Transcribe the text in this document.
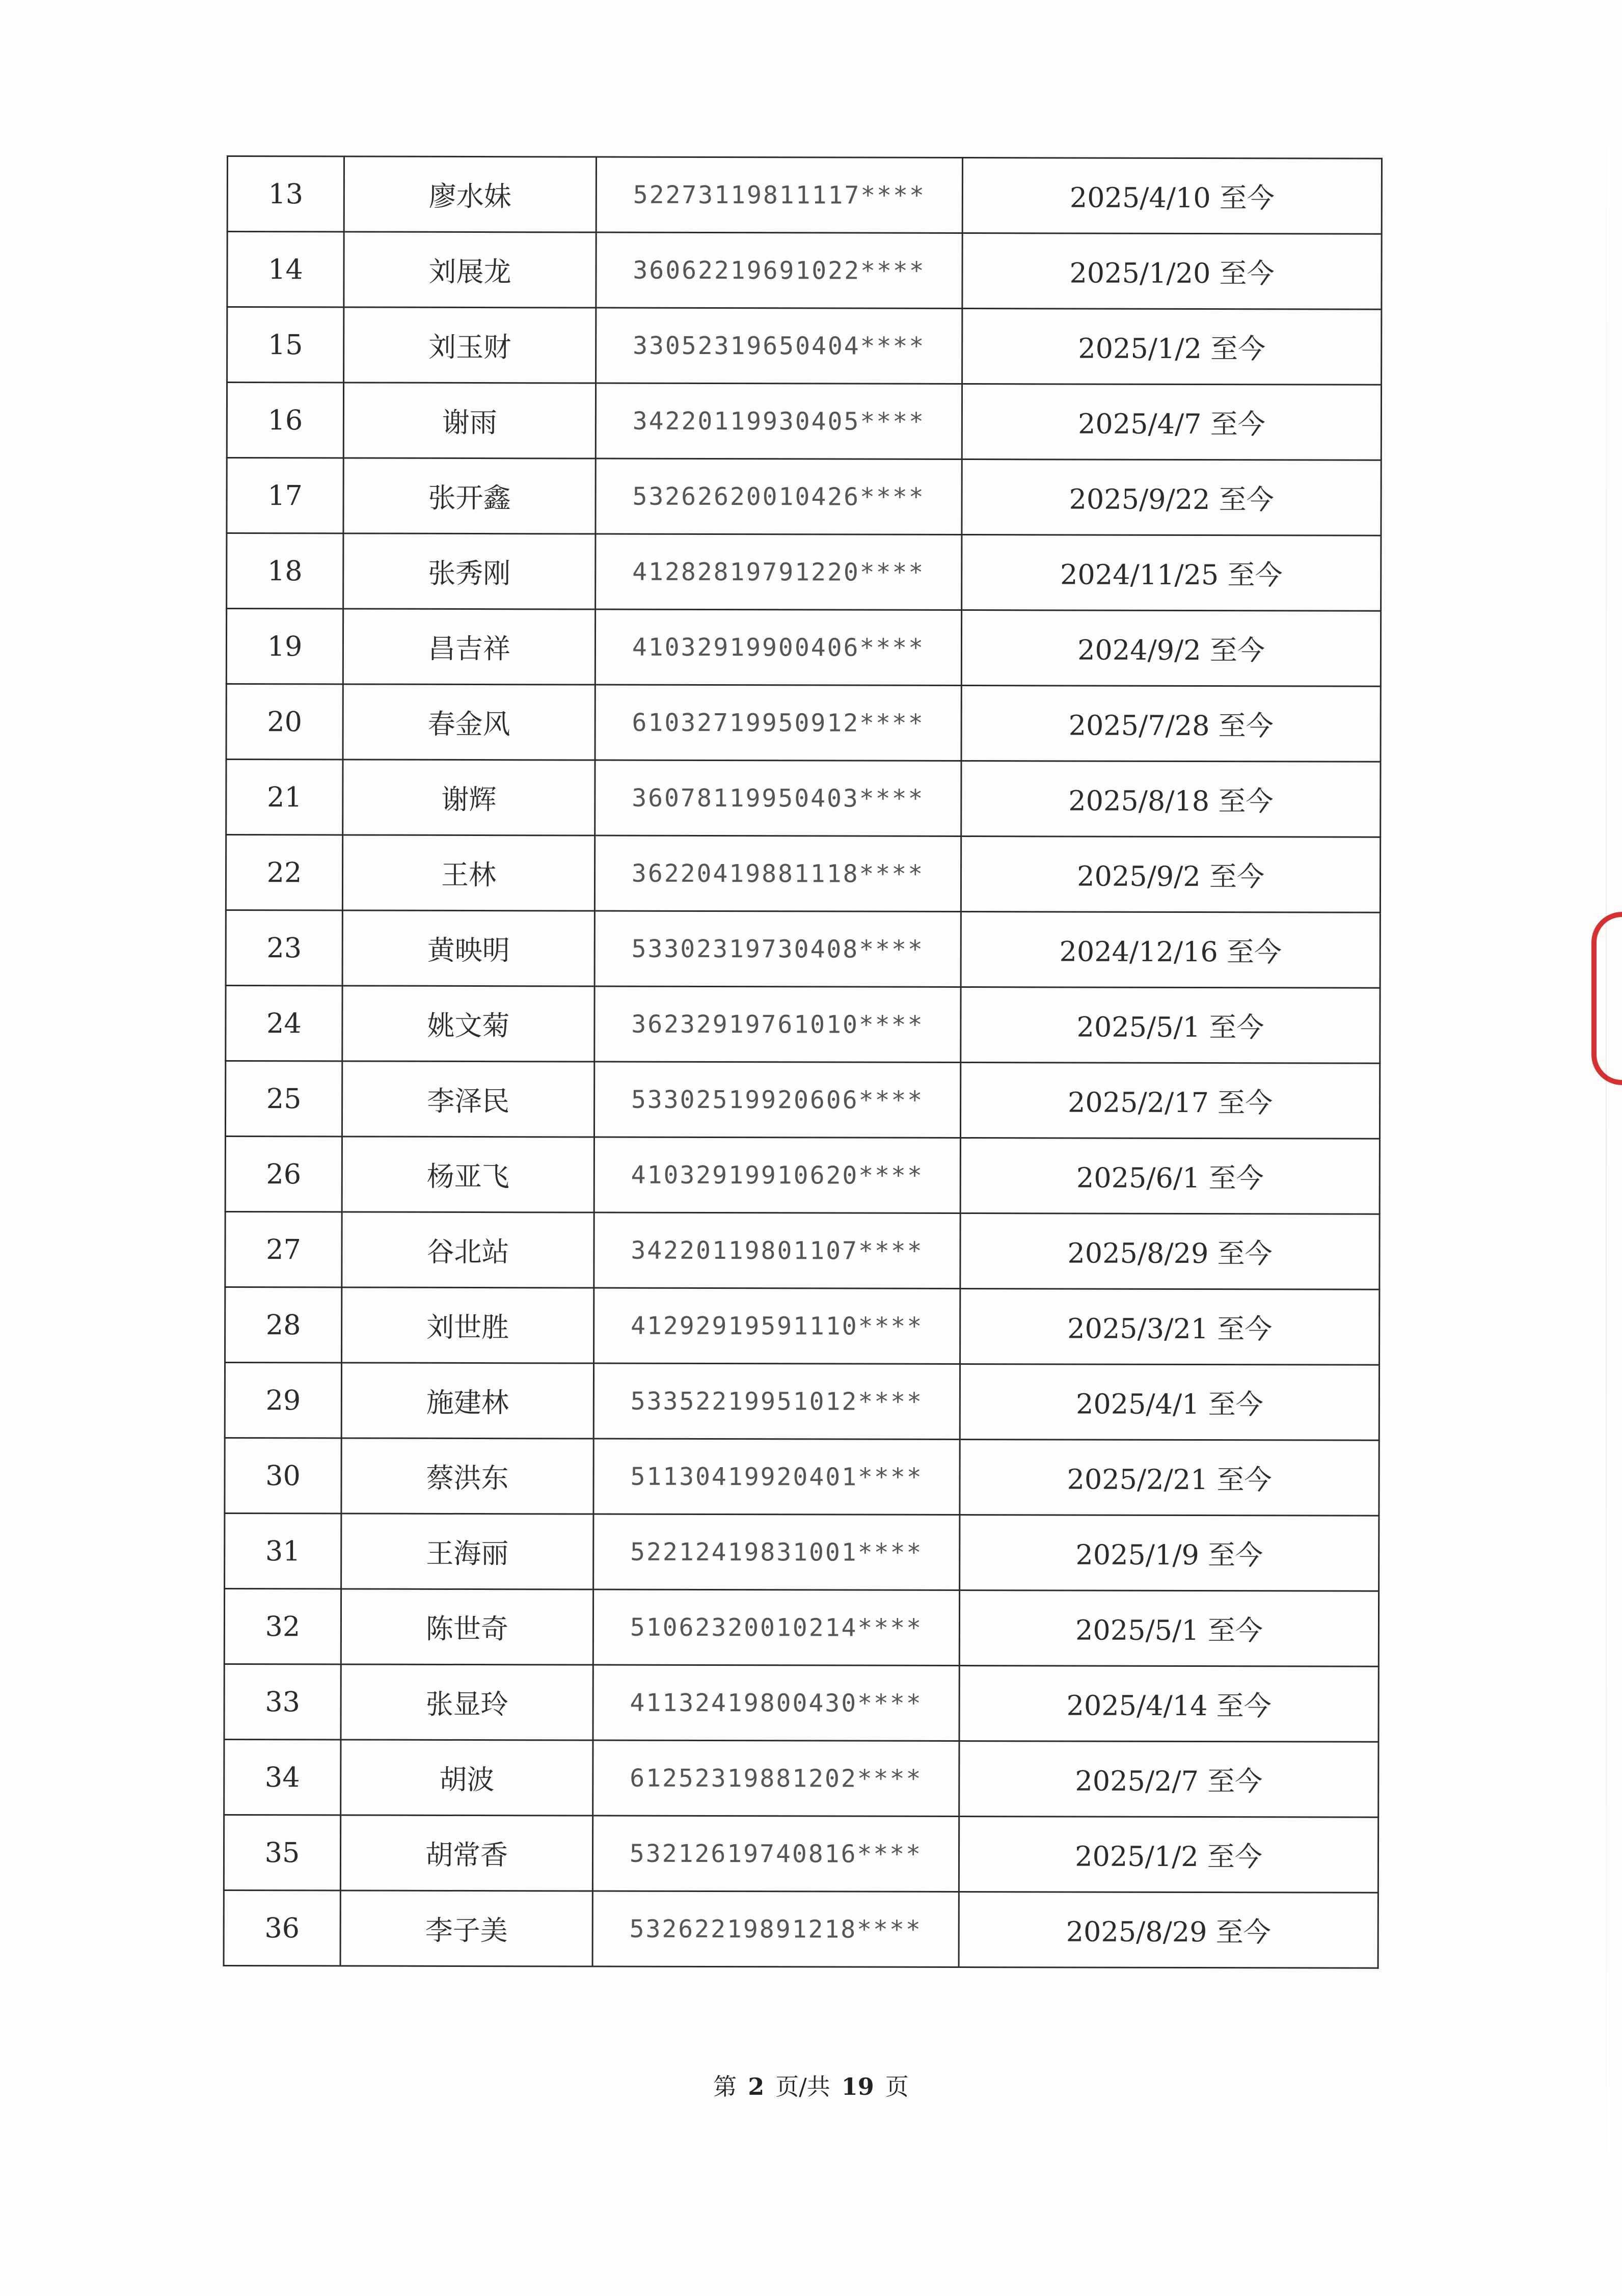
13	廖水妹	52273119811117****	2025/4/10 至今
14	刘展龙	36062219691022****	2025/1/20 至今
15	刘玉财	33052319650404****	2025/1/2 至今
16	谢雨	34220119930405****	2025/4/7 至今
17	张开鑫	53262620010426****	2025/9/22 至今
18	张秀刚	41282819791220****	2024/11/25 至今
19	昌吉祥	41032919900406****	2024/9/2 至今
20	春金风	61032719950912****	2025/7/28 至今
21	谢辉	36078119950403****	2025/8/18 至今
22	王林	36220419881118****	2025/9/2 至今
23	黄映明	53302319730408****	2024/12/16 至今
24	姚文菊	36232919761010****	2025/5/1 至今
25	李泽民	53302519920606****	2025/2/17 至今
26	杨亚飞	41032919910620****	2025/6/1 至今
27	谷北站	34220119801107****	2025/8/29 至今
28	刘世胜	41292919591110****	2025/3/21 至今
29	施建林	53352219951012****	2025/4/1 至今
30	蔡洪东	51130419920401****	2025/2/21 至今
31	王海丽	52212419831001****	2025/1/9 至今
32	陈世奇	51062320010214****	2025/5/1 至今
33	张显玲	41132419800430****	2025/4/14 至今
34	胡波	61252319881202****	2025/2/7 至今
35	胡常香	53212619740816****	2025/1/2 至今
36	李子美	53262219891218****	2025/8/29 至今
第 2 页/共 19 页
